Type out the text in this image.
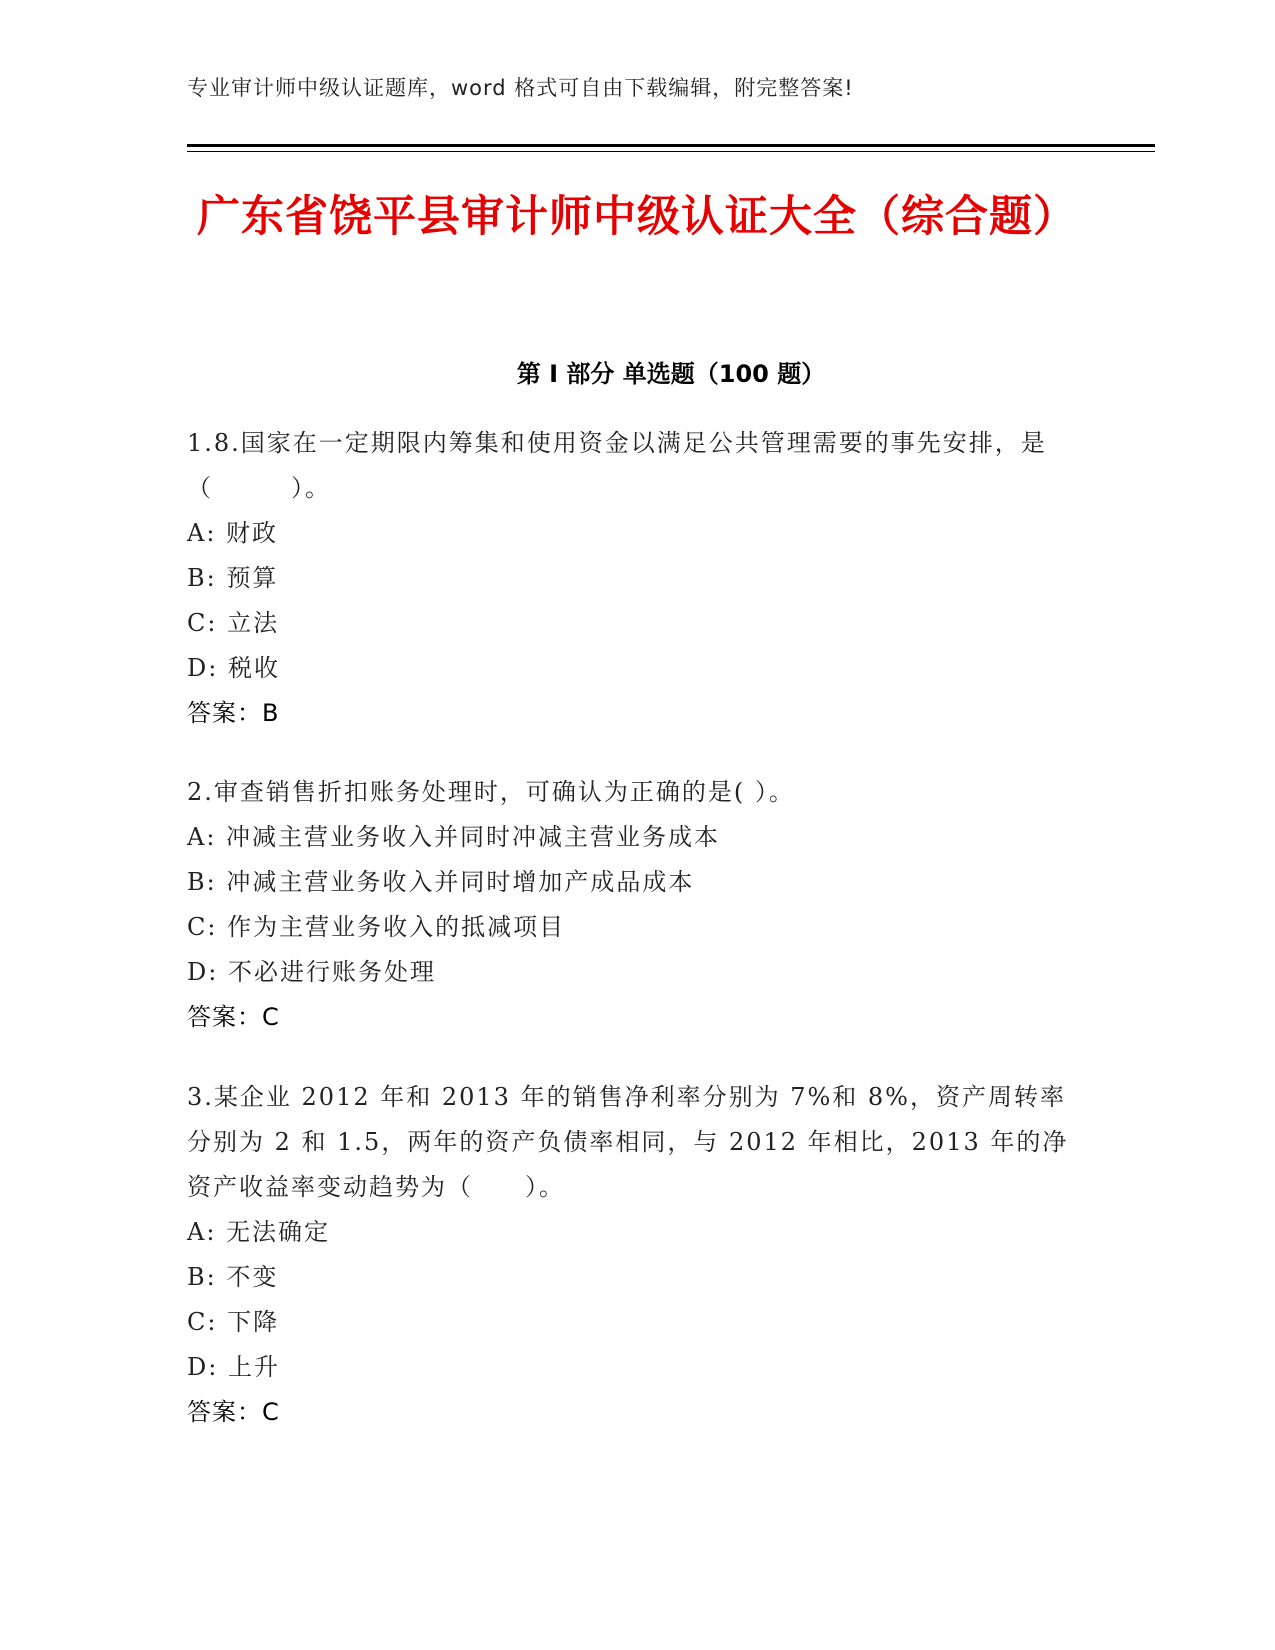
专业审计师中级认证题库，word 格式可自由下载编辑，附完整答案!
广东省饶平县审计师中级认证大全（综合题）
第 I 部分 单选题（100 题）

1.8.国家在一定期限内筹集和使用资金以满足公共管理需要的事先安排，是（　　　）。

A: 财政

B: 预算

C: 立法

D: 税收

答案：B

2.审查销售折扣账务处理时，可确认为正确的是( ）。

A: 冲减主营业务收入并同时冲减主营业务成本

B: 冲减主营业务收入并同时增加产成品成本

C: 作为主营业务收入的抵减项目

D: 不必进行账务处理

答案：C

3.某企业 2012 年和 2013 年的销售净利率分别为 7%和 8%，资产周转率分别为 2 和 1.5，两年的资产负债率相同，与 2012 年相比，2013 年的净资产收益率变动趋势为（　　）。

A: 无法确定

B: 不变

C: 下降

D: 上升

答案：C
